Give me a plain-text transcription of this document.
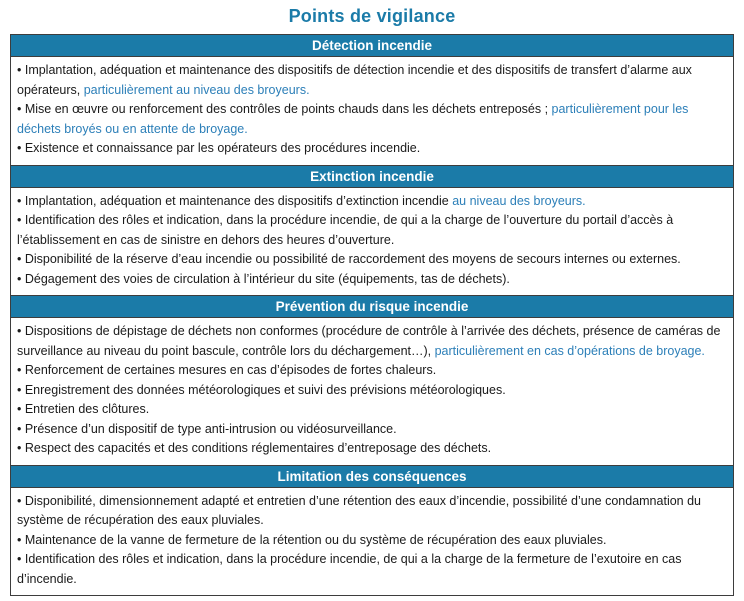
Points de vigilance
Détection incendie

• Implantation, adéquation et maintenance des dispositifs de détection incendie et des dispositifs de transfert d’alarme aux opérateurs, particulièrement au niveau des broyeurs.

• Mise en œuvre ou renforcement des contrôles de points chauds dans les déchets entreposés ; particulièrement pour les déchets broyés ou en attente de broyage.

• Existence et connaissance par les opérateurs des procédures incendie.

Extinction incendie

• Implantation, adéquation et maintenance des dispositifs d’extinction incendie au niveau des broyeurs.

• Identification des rôles et indication, dans la procédure incendie, de qui a la charge de l’ouverture du portail d’accès à l’établissement en cas de sinistre en dehors des heures d’ouverture.

• Disponibilité de la réserve d’eau incendie ou possibilité de raccordement des moyens de secours internes ou externes.

• Dégagement des voies de circulation à l’intérieur du site (équipements, tas de déchets).

Prévention du risque incendie

• Dispositions de dépistage de déchets non conformes (procédure de contrôle à l’arrivée des déchets, présence de caméras de surveillance au niveau du point bascule, contrôle lors du déchargement…), particulièrement en cas d’opérations de broyage.

• Renforcement de certaines mesures en cas d’épisodes de fortes chaleurs.

• Enregistrement des données météorologiques et suivi des prévisions météorologiques.

• Entretien des clôtures.

• Présence d’un dispositif de type anti-intrusion ou vidéosurveillance.

• Respect des capacités et des conditions réglementaires d’entreposage des déchets.

Limitation des conséquences

• Disponibilité, dimensionnement adapté et entretien d’une rétention des eaux d’incendie, possibilité d’une condamnation du système de récupération des eaux pluviales.

• Maintenance de la vanne de fermeture de la rétention ou du système de récupération des eaux pluviales.

• Identification des rôles et indication, dans la procédure incendie, de qui a la charge de la fermeture de l’exutoire en cas d’incendie.
